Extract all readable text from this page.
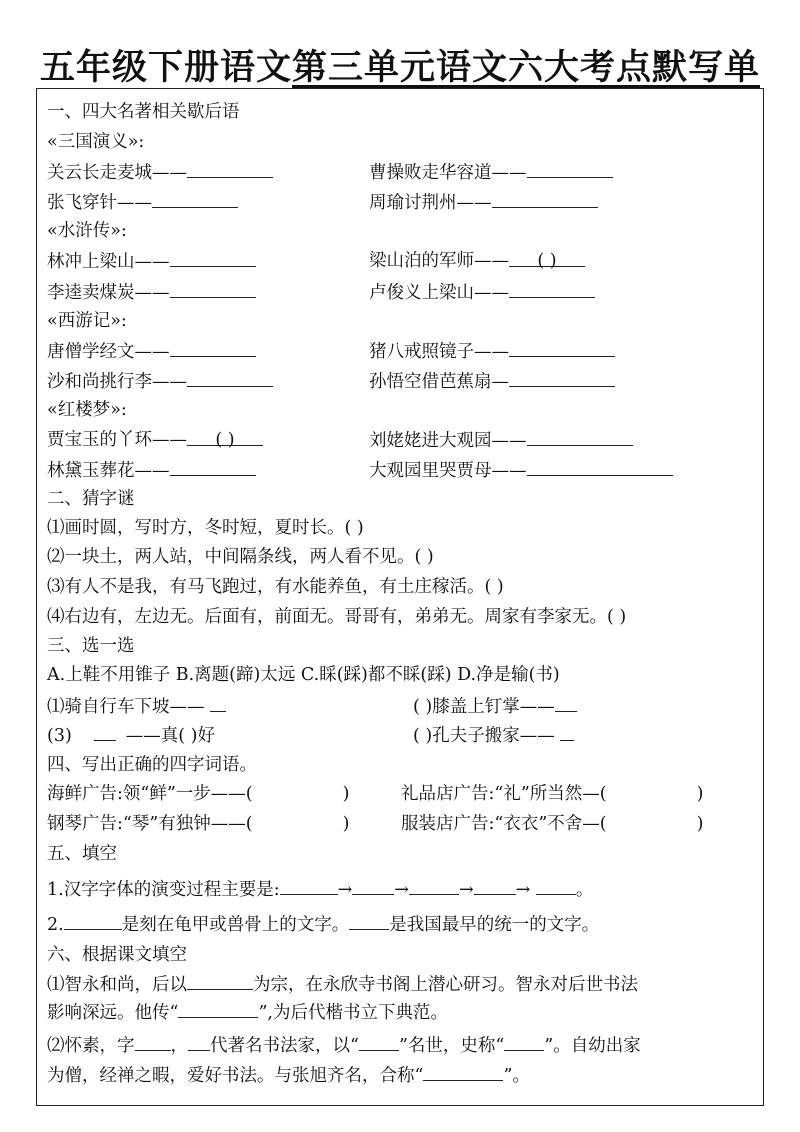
五年级下册语文第三单元语文六大考点默写单
一、四大名著相关歇后语
«三国演义»:
关云长走麦城——	曹操败走华容道——
张飞穿针——	周瑜讨荆州——
«水浒传»:
林冲上梁山——	梁山泊的军师—— ( )
李逵卖煤炭——	卢俊义上梁山——
«西游记»:
唐僧学经文——	猪八戒照镜子——
沙和尚挑行李——	孙悟空借芭蕉扇—
«红楼梦»:
贾宝玉的丫环—— ( )	刘姥姥进大观园——
林黛玉葬花——	大观园里哭贾母——
二、猜字谜
⑴画时圆，写时方，冬时短，夏时长。( )
⑵一块土，两人站，中间隔条线，两人看不见。( )
⑶有人不是我，有马飞跑过，有水能养鱼，有土庄稼活。( )
⑷右边有，左边无。后面有，前面无。哥哥有，弟弟无。周家有李家无。( )
三、选一选
A.上鞋不用锥子 B.离题(蹄)太远 C.睬(踩)都不睬(踩) D.净是输(书)
⑴骑自行车下坡——	( )膝盖上钉掌——
(3)	——真( )好	( )孔夫子搬家——
四、写出正确的四字词语。
海鲜广告:领“鲜”一步——(	)	礼品店广告:“礼”所当然—(	)
钢琴广告:“琴”有独钟——(	)	服装店广告:“衣衣”不舍—(	)
五、填空
1.汉字字体的演变过程主要是:	→ →	→ →	。
2.	是刻在龟甲或兽骨上的文字。 是我国最早的统一的文字。
六、根据课文填空
⑴智永和尚，后以	为宗，在永欣寺书阁上潜心研习。智永对后世书法
影响深远。他传“	”,为后代楷书立下典范。
⑵怀素，字 ， 代著名书法家，以“ ”名世，史称“ ”。自幼出家
为僧，经禅之暇，爱好书法。与张旭齐名，合称“	”。
